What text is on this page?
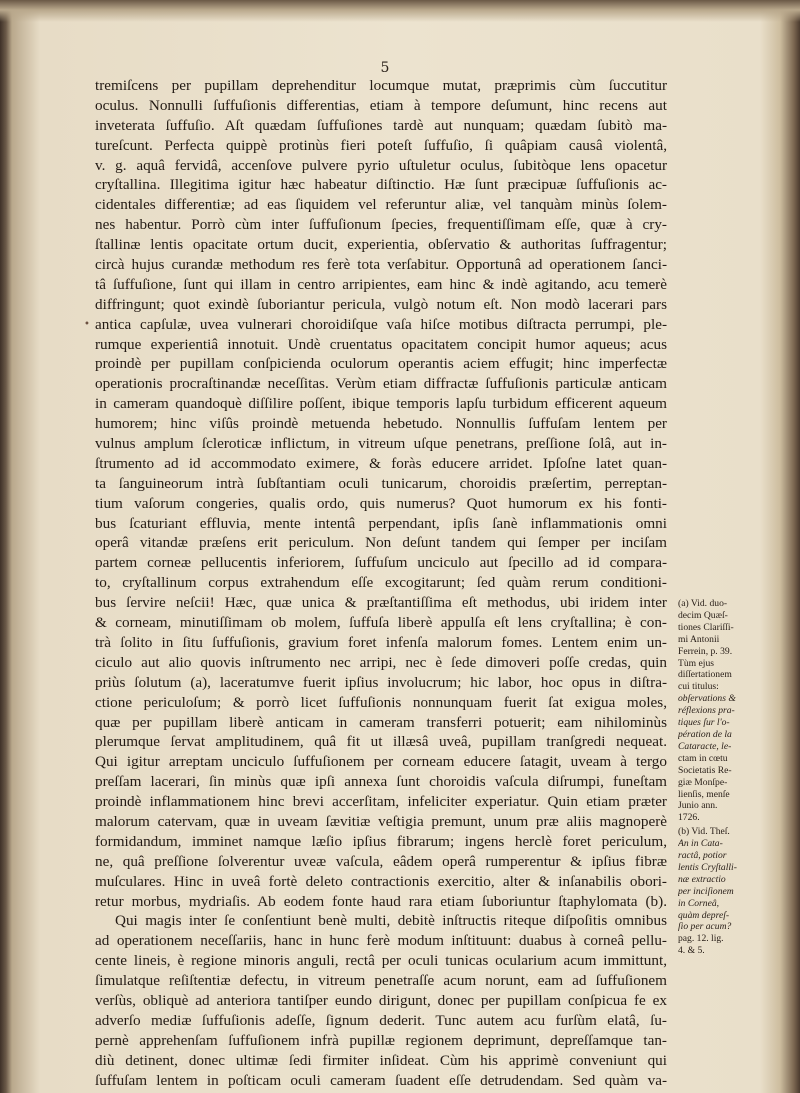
5
•
tremiſcens per pupillam deprehenditur locumque mutat, præprimis cùm ſuccutitur
oculus. Nonnulli ſuffuſionis differentias, etiam à tempore deſumunt, hinc recens aut
inveterata ſuffuſio. Aſt quædam ſuffuſiones tardè aut nunquam; quædam ſubitò ma-
tureſcunt. Perfecta quippè protinùs fieri poteſt ſuffuſio, ſi quâpiam causâ violentâ,
v. g. aquâ fervidâ, accenſove pulvere pyrio uſtuletur oculus, ſubitòque lens opacetur
cryſtallina. Illegitima igitur hæc habeatur diſtinctio. Hæ ſunt præcipuæ ſuffuſionis ac-
cidentales differentiæ; ad eas ſiquidem vel referuntur aliæ, vel tanquàm minùs ſolem-
nes habentur. Porrò cùm inter ſuffuſionum ſpecies, frequentiſſimam eſſe, quæ à cry-
ſtallinæ lentis opacitate ortum ducit, experientia, obſervatio & authoritas ſuffragentur;
circà hujus curandæ methodum res ferè tota verſabitur. Opportunâ ad operationem ſanci-
tâ ſuffuſione, ſunt qui illam in centro arripientes, eam hinc & indè agitando, acu temerè
diffringunt; quot exindè ſuboriantur pericula, vulgò notum eſt. Non modò lacerari pars
antica capſulæ, uvea vulnerari choroidiſque vaſa hiſce motibus diſtracta perrumpi, ple-
rumque experientiâ innotuit. Undè cruentatus opacitatem concipit humor aqueus; acus
proindè per pupillam conſpicienda oculorum operantis aciem effugit; hinc imperfectæ
operationis procraſtinandæ neceſſitas. Verùm etiam diffractæ ſuffuſionis particulæ anticam
in cameram quandoquè diſſilire poſſent, ibique temporis lapſu turbidum efficerent aqueum
humorem; hinc viſûs proindè metuenda hebetudo. Nonnullis ſuffuſam lentem per
vulnus amplum ſcleroticæ inflictum, in vitreum uſque penetrans, preſſione ſolâ, aut in-
ſtrumento ad id accommodato eximere, & foràs educere arridet. Ipſoſne latet quan-
ta ſanguineorum intrà ſubſtantiam oculi tunicarum, choroidis præſertim, perreptan-
tium vaſorum congeries, qualis ordo, quis numerus? Quot humorum ex his fonti-
bus ſcaturiant effluvia, mente intentâ perpendant, ipſis ſanè inflammationis omni
operâ vitandæ præſens erit periculum. Non deſunt tandem qui ſemper per inciſam
partem corneæ pellucentis inferiorem, ſuffuſum unciculo aut ſpecillo ad id compara-
to, cryſtallinum corpus extrahendum eſſe excogitarunt; ſed quàm rerum conditioni-
bus ſervire neſcii! Hæc, quæ unica & præſtantiſſima eſt methodus, ubi iridem inter
& corneam, minutiſſimam ob molem, ſuffuſa liberè appulſa eſt lens cryſtallina; è con-
trà ſolito in ſitu ſuffuſionis, gravium foret infenſa malorum fomes. Lentem enim un-
ciculo aut alio quovis inſtrumento nec arripi, nec è ſede dimoveri poſſe credas, quin
priùs ſolutum (a), laceratumve fuerit ipſius involucrum; hic labor, hoc opus in diſtra-
ctione periculoſum; & porrò licet ſuffuſionis nonnunquam fuerit ſat exigua moles,
quæ per pupillam liberè anticam in cameram transferri potuerit; eam nihilominùs
plerumque ſervat amplitudinem, quâ fit ut illæsâ uveâ, pupillam tranſgredi nequeat.
Qui igitur arreptam unciculo ſuffuſionem per corneam educere ſatagit, uveam à tergo
preſſam lacerari, ſin minùs quæ ipſi annexa ſunt choroidis vaſcula diſrumpi, funeſtam
proindè inflammationem hinc brevi accerſitam, infeliciter experiatur. Quin etiam præter
malorum catervam, quæ in uveam ſævitiæ veſtigia premunt, unum præ aliis magnoperè
formidandum, imminet namque læſio ipſius fibrarum; ingens herclè foret periculum,
ne, quâ preſſione ſolverentur uveæ vaſcula, eâdem operâ rumperentur & ipſius fibræ
muſculares. Hinc in uveâ fortè deleto contractionis exercitio, alter & inſanabilis obori-
retur morbus, mydriaſis. Ab eodem fonte haud rara etiam ſuboriuntur ſtaphylomata (b).
Qui magis inter ſe conſentiunt benè multi, debitè inſtructis riteque diſpoſitis omnibus
ad operationem neceſſariis, hanc in hunc ferè modum inſtituunt: duabus à corneâ pellu-
cente lineis, è regione minoris anguli, rectâ per oculi tunicas ocularium acum immittunt,
ſimulatque reſiſtentiæ defectu, in vitreum penetraſſe acum norunt, eam ad ſuffuſionem
verſùs, obliquè ad anteriora tantiſper eundo dirigunt, donec per pupillam conſpicua fe ex
adverſo mediæ ſuffuſionis adeſſe, ſignum dederit. Tunc autem acu furſùm elatâ, ſu-
pernè apprehenſam ſuffuſionem infrà pupillæ regionem deprimunt, depreſſamque tan-
diù detinent, donec ultimæ ſedi firmiter inſideat. Cùm his apprimè conveniunt qui
ſuffuſam lentem in poſticam oculi cameram ſuadent eſſe detrudendam. Sed quàm va-
(a) Vid. duo-
decim Quæſ-
tiones Clariſſi-
mi Antonii
Ferrein, p. 39.
Tùm ejus
diſſertationem
cui titulus:
obſervations &
réflexions pra-
tiques ſur l'o-
pération de la
Cataracte, le-
ctam in cœtu
Societatis Re-
giæ Monſpe-
lienſis, menſe
Junio ann.
1726.
(b) Vid. Theſ.
An in Cata-
ractâ, potior
lentis Cryſtalli-
næ extractio
per inciſionem
in Corneâ,
quàm depreſ-
ſio per acum?
pag. 12. lig.
4. & 5.
